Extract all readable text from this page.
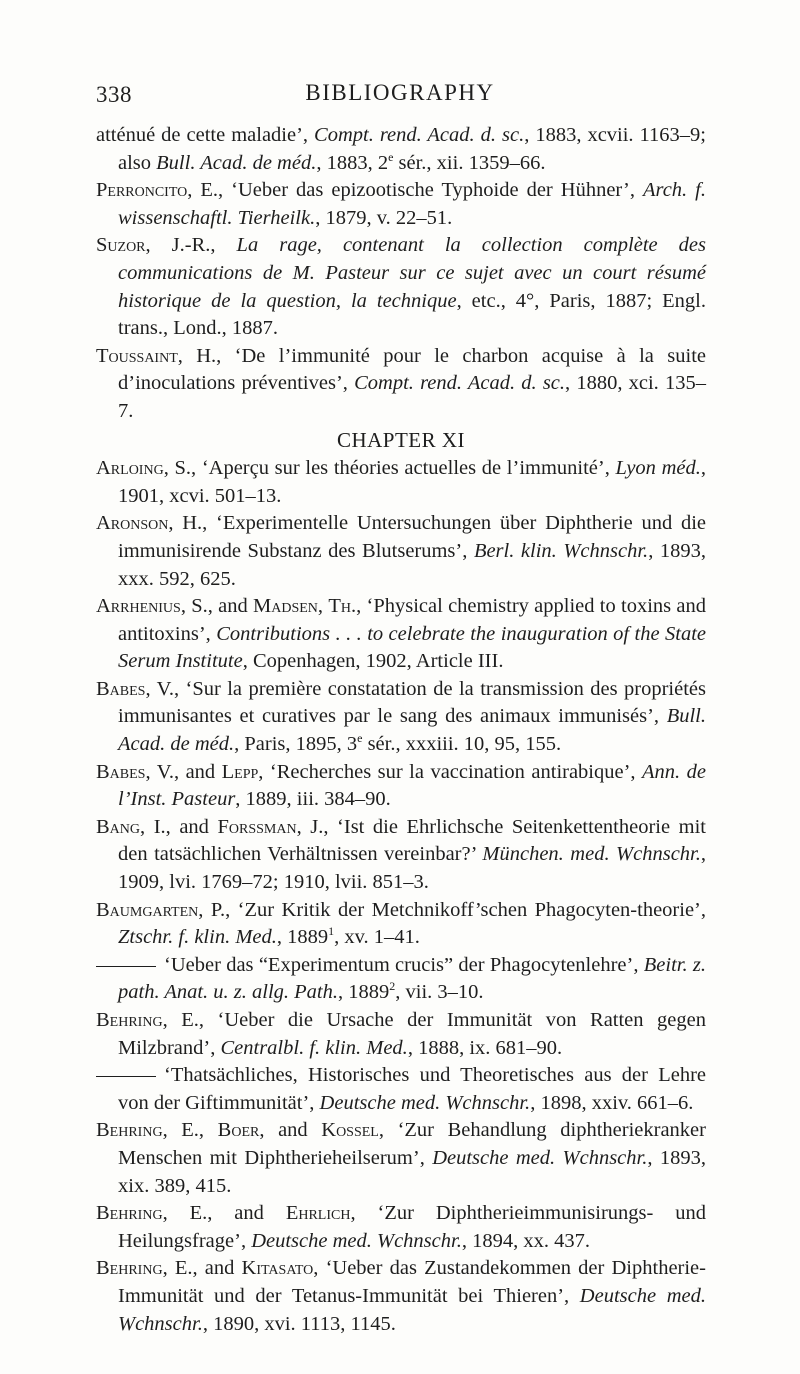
338	BIBLIOGRAPHY
atténué de cette maladie’, Compt. rend. Acad. d. sc., 1883, xcvii. 1163–9; also Bull. Acad. de méd., 1883, 2e sér., xii. 1359–66.
Perroncito, E., ‘Ueber das epizootische Typhoide der Hühner’, Arch. f. wissenschaftl. Tierheilk., 1879, v. 22–51.
Suzor, J.-R., La rage, contenant la collection complète des communications de M. Pasteur sur ce sujet avec un court résumé historique de la question, la technique, etc., 4°, Paris, 1887; Engl. trans., Lond., 1887.
Toussaint, H., ‘De l’immunité pour le charbon acquise à la suite d’inoculations préventives’, Compt. rend. Acad. d. sc., 1880, xci. 135–7.
CHAPTER XI
Arloing, S., ‘Aperçu sur les théories actuelles de l’immunité’, Lyon méd., 1901, xcvi. 501–13.
Aronson, H., ‘Experimentelle Untersuchungen über Diphtherie und die immunisirende Substanz des Blutserums’, Berl. klin. Wchnschr., 1893, xxx. 592, 625.
Arrhenius, S., and Madsen, Th., ‘Physical chemistry applied to toxins and antitoxins’, Contributions . . . to celebrate the inauguration of the State Serum Institute, Copenhagen, 1902, Article III.
Babes, V., ‘Sur la première constatation de la transmission des propriétés immunisantes et curatives par le sang des animaux immunisés’, Bull. Acad. de méd., Paris, 1895, 3e sér., xxxiii. 10, 95, 155.
Babes, V., and Lepp, ‘Recherches sur la vaccination antirabique’, Ann. de l’Inst. Pasteur, 1889, iii. 384–90.
Bang, I., and Forssman, J., ‘Ist die Ehrlichsche Seitenkettentheorie mit den tatsächlichen Verhältnissen vereinbar?’ München. med. Wchnschr., 1909, lvi. 1769–72; 1910, lvii. 851–3.
Baumgarten, P., ‘Zur Kritik der Metchnikoff’schen Phagocyten-theorie’, Ztschr. f. klin. Med., 1889$^1$, xv. 1–41.
‘Ueber das “Experimentum crucis” der Phagocytenlehre’, Beitr. z. path. Anat. u. z. allg. Path., 1889$^2$, vii. 3–10.
Behring, E., ‘Ueber die Ursache der Immunität von Ratten gegen Milzbrand’, Centralbl. f. klin. Med., 1888, ix. 681–90.
‘Thatsächliches, Historisches und Theoretisches aus der Lehre von der Giftimmunität’, Deutsche med. Wchnschr., 1898, xxiv. 661–6.
Behring, E., Boer, and Kossel, ‘Zur Behandlung diphtheriekranker Menschen mit Diphtherieheilserum’, Deutsche med. Wchnschr., 1893, xix. 389, 415.
Behring, E., and Ehrlich, ‘Zur Diphtherieimmunisirungs- und Heilungsfrage’, Deutsche med. Wchnschr., 1894, xx. 437.
Behring, E., and Kitasato, ‘Ueber das Zustandekommen der Diphtherie-Immunität und der Tetanus-Immunität bei Thieren’, Deutsche med. Wchnschr., 1890, xvi. 1113, 1145.
